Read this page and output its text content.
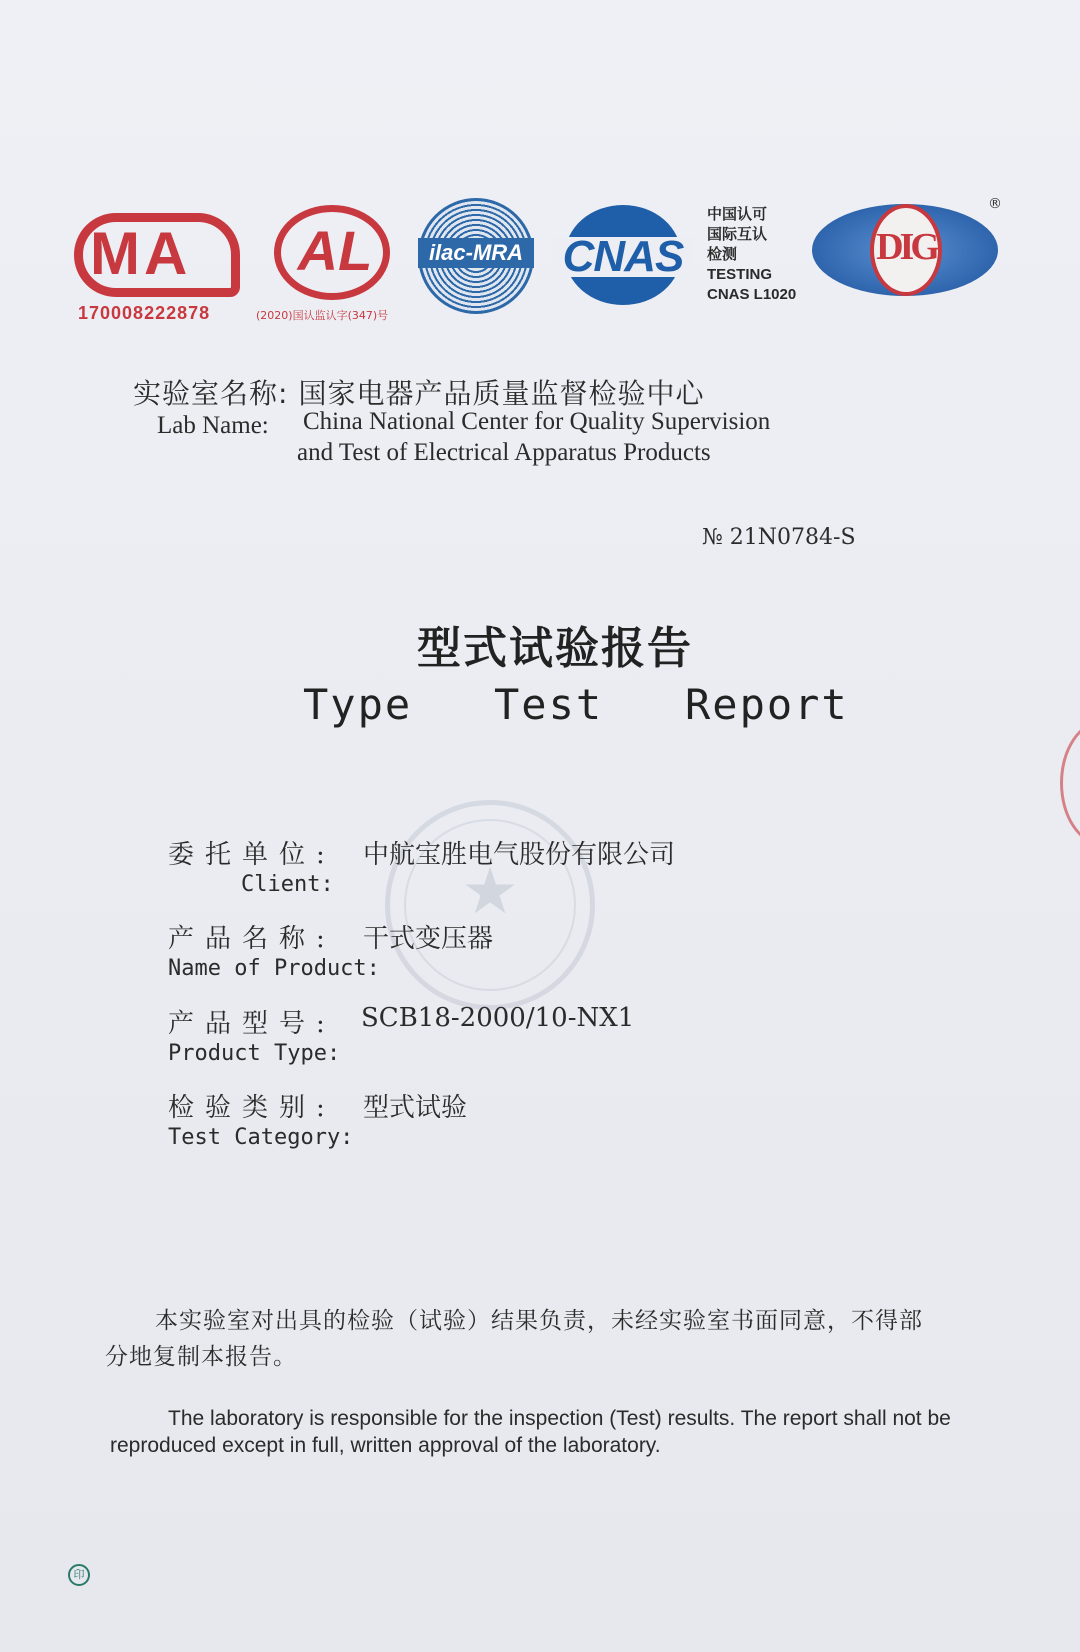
MA
170008222878
AL
(2020)国认监认字(347)号
ilac-MRA CNAS
中国认可
国际互认
检测
TESTING
CNAS L1020
DIG
®
实验室名称: 国家电器产品质量监督检验中心
Lab Name: China National Center for Quality Supervision
and Test of Electrical Apparatus Products
№ 21N0784-S
型式试验报告
Type   Test   Report
★
委托单位: 中航宝胜电气股份有限公司
Client:
产品名称: 干式变压器
Name of Product:
产品型号: SCB18-2000/10-NX1
Product Type:
检验类别: 型式试验
Test Category:
本实验室对出具的检验（试验）结果负责，未经实验室书面同意，不得部分地复制本报告。
The laboratory is responsible for the inspection (Test) results. The report shall not be reproduced except in full, written approval of the laboratory.
印
